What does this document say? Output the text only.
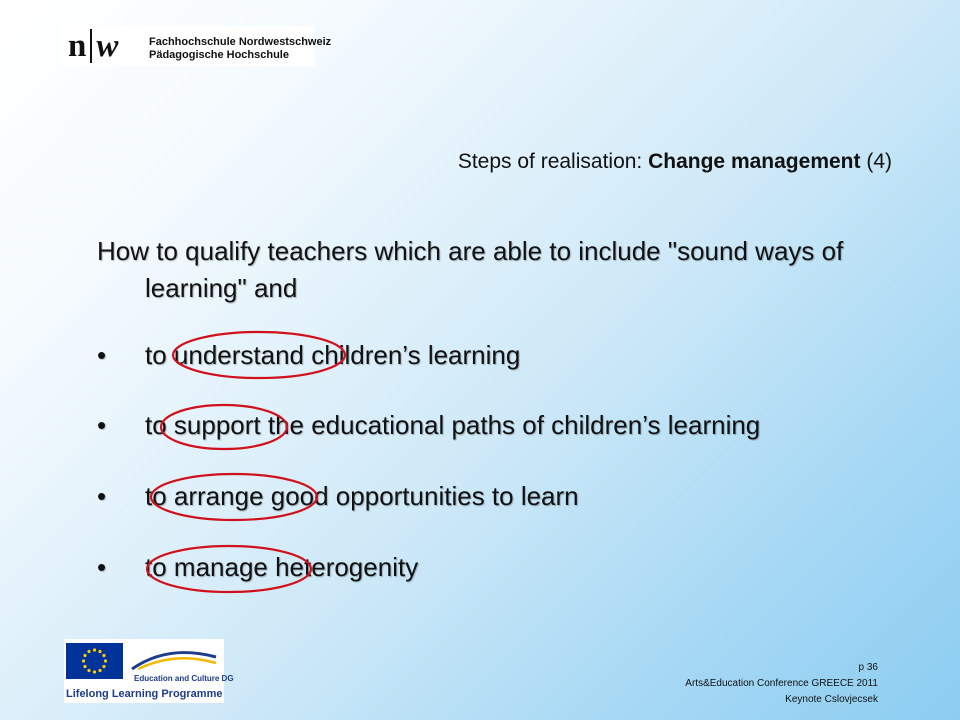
n w	Fachhochschule Nordwestschweiz
Pädagogische Hochschule
Steps of realisation: Change management (4)
How to qualify teachers which are able to include "sound ways of learning" and
• to understand children’s learning
• to support the educational paths of children’s learning
• to arrange good opportunities to learn
• to manage heterogenity
Education and Culture DG
Lifelong Learning Programme
p 36
Arts&Education Conference GREECE 2011
Keynote Cslovjecsek
